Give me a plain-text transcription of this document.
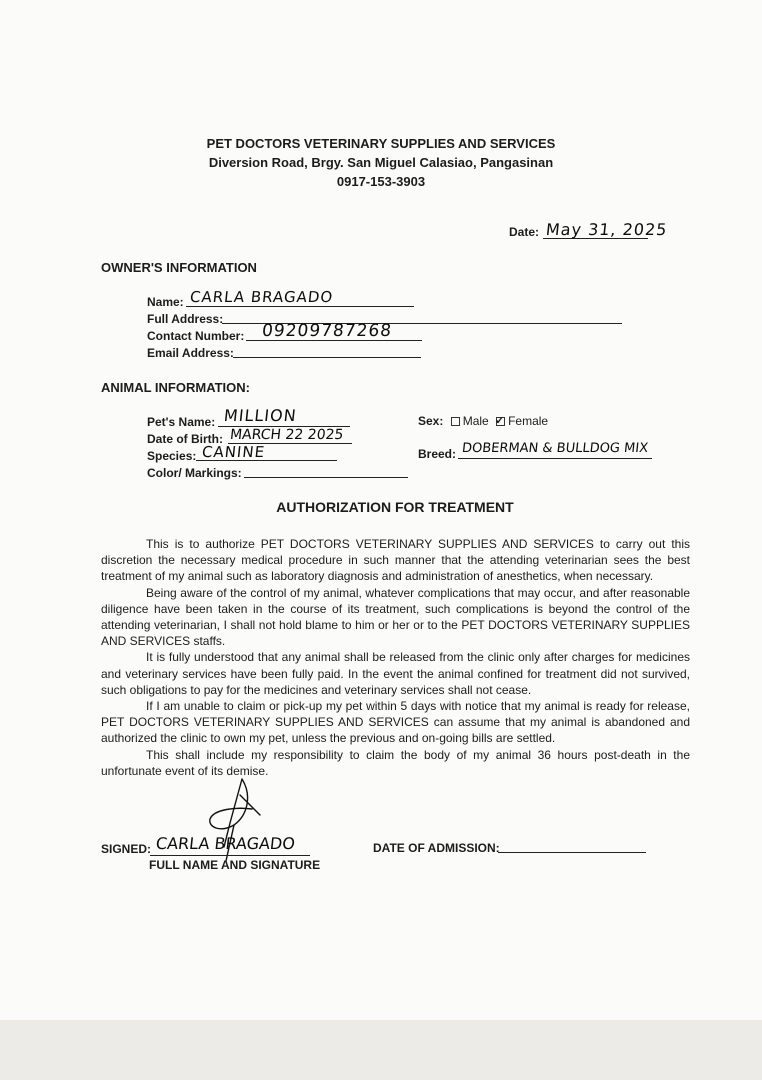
PET DOCTORS VETERINARY SUPPLIES AND SERVICES
Diversion Road, Brgy. San Miguel Calasiao, Pangasinan
0917-153-3903
Date: May 31, 2025
OWNER'S INFORMATION
Name: CARLA BRAGADO
Full Address:
Contact Number: 09209787268
Email Address:
ANIMAL INFORMATION:
Pet's Name: MILLION
Date of Birth: MARCH 22 2025
Species: CANINE
Color/ Markings:
Sex: Male ✓ Female
Breed: DOBERMAN & BULLDOG MIX
AUTHORIZATION FOR TREATMENT

This is to authorize PET DOCTORS VETERINARY SUPPLIES AND SERVICES to carry out this discretion the necessary medical procedure in such manner that the attending veterinarian sees the best treatment of my animal such as laboratory diagnosis and administration of anesthetics, when necessary.

Being aware of the control of my animal, whatever complications that may occur, and after reasonable diligence have been taken in the course of its treatment, such complications is beyond the control of the attending veterinarian, I shall not hold blame to him or her or to the PET DOCTORS VETERINARY SUPPLIES AND SERVICES staffs.

It is fully understood that any animal shall be released from the clinic only after charges for medicines and veterinary services have been fully paid. In the event the animal confined for treatment did not survived, such obligations to pay for the medicines and veterinary services shall not cease.

If I am unable to claim or pick-up my pet within 5 days with notice that my animal is ready for release, PET DOCTORS VETERINARY SUPPLIES AND SERVICES can assume that my animal is abandoned and authorized the clinic to own my pet, unless the previous and on-going bills are settled.

This shall include my responsibility to claim the body of my animal 36 hours post-death in the unfortunate event of its demise.

SIGNED: CARLA BRAGADO
FULL NAME AND SIGNATURE
DATE OF ADMISSION:
